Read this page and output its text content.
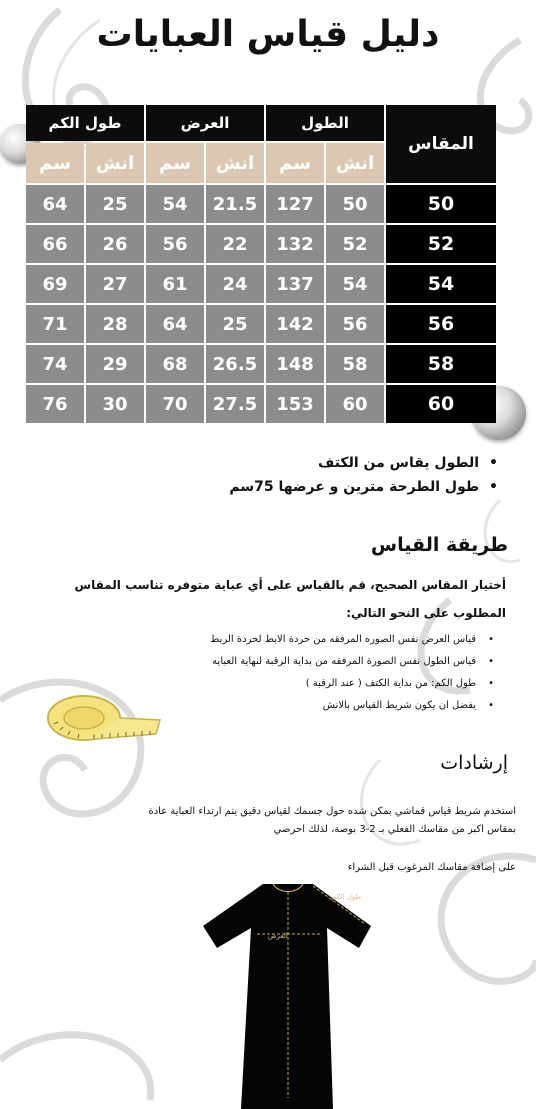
دليل قياس العبايات
المقاس	الطول		العرض		طول الكم	
	انش	سم	انش	سم	انش	سم
50	50	127	21.5	54	25	64
52	52	132	22	56	26	66
54	54	137	24	61	27	69
56	56	142	25	64	28	71
58	58	148	26.5	68	29	74
60	60	153	27.5	70	30	76
• الطول يقاس من الكتف
• طول الطرحة مترين و عرضها 75سم
طريقة القياس
أختيار المقاس الصحيح، قم بالقياس على أي عباية متوفره تناسب المقاس
المطلوب على النحو التالي:
• قياس العرض نفس الصوره المرفقه من حردة الابط لحردة الربط
• قياس الطول نفس الصورة المرفقه من بداية الرقبة لنهاية العبايه
• طول الكم: من بداية الكتف ( عند الرقبة )
• يفضل ان يكون شريط القياس بالانش
إرشادات
استخدم شريط قياس قماشي بمكن شده حول جسمك لقياس دقيق يتم ارتداء العباية عادة
بمقاس اكبر من مقاسك الفعلي بـ 2-3 بوصة، لذلك احرصي
على إضافة مقاسك المرغوب قبل الشراء
طول الكم
العرض
